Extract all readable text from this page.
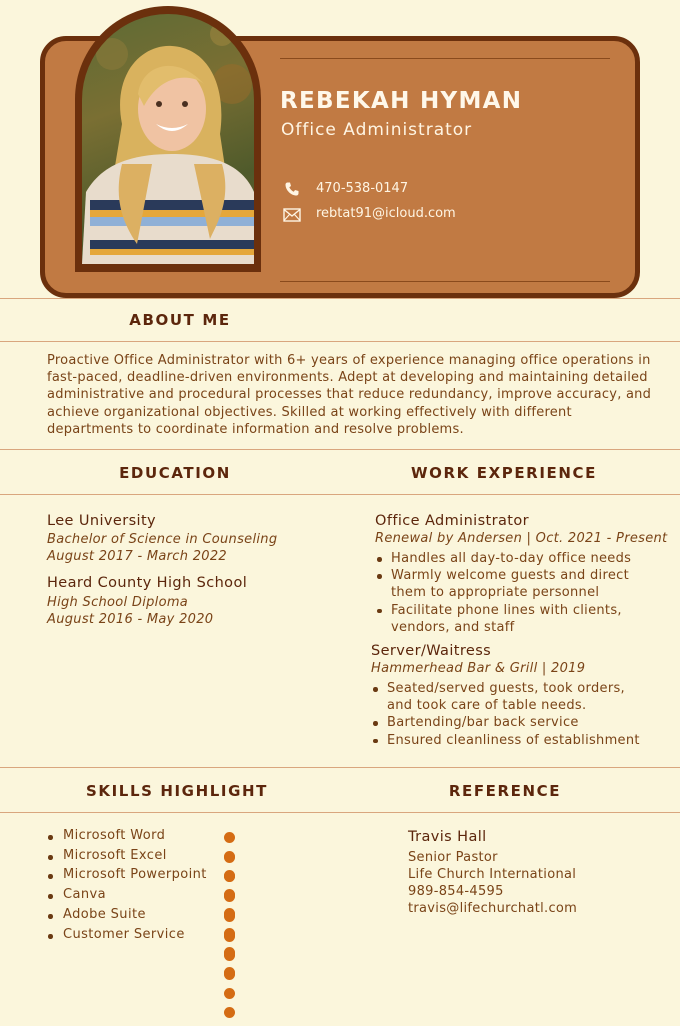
REBEKAH HYMAN
Office Administrator
470-538-0147
rebtat91@icloud.com
ABOUT ME
Proactive Office Administrator with 6+ years of experience managing office operations in
fast-paced, deadline-driven environments. Adept at developing and maintaining detailed
administrative and procedural processes that reduce redundancy, improve accuracy, and
achieve organizational objectives. Skilled at working effectively with different
departments to coordinate information and resolve problems.
EDUCATION	WORK EXPERIENCE
Lee University
Bachelor of Science in Counseling
August 2017 - March 2022
Heard County High School
High School Diploma
August 2016 - May 2020
Office Administrator
Renewal by Andersen | Oct. 2021 - Present
Handles all day-to-day office needs
Warmly welcome guests and direct them to appropriate personnel
Facilitate phone lines with clients, vendors, and staff
Server/Waitress
Hammerhead Bar & Grill | 2019
Seated/served guests, took orders, and took care of table needs.
Bartending/bar back service
Ensured cleanliness of establishment
SKILLS HIGHLIGHT	REFERENCE
Microsoft Word
Microsoft Excel
Microsoft Powerpoint
Canva
Adobe Suite
Customer Service
Travis Hall
Senior Pastor
Life Church International
989-854-4595
travis@lifechurchatl.com
